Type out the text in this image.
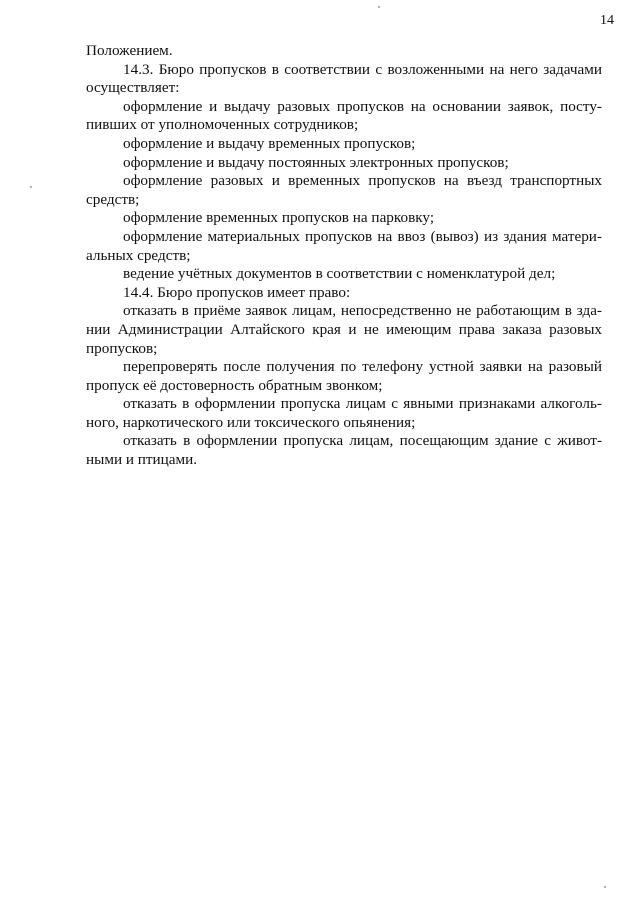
14
Положением.
14.3. Бюро пропусков в соответствии с возложенными на него задачами
осуществляет:
оформление и выдачу разовых пропусков на основании заявок, посту-
пивших от уполномоченных сотрудников;
оформление и выдачу временных пропусков;
оформление и выдачу постоянных электронных пропусков;
оформление разовых и временных пропусков на въезд транспортных
средств;
оформление временных пропусков на парковку;
оформление материальных пропусков на ввоз (вывоз) из здания матери-
альных средств;
ведение учётных документов в соответствии с номенклатурой дел;
14.4. Бюро пропусков имеет право:
отказать в приёме заявок лицам, непосредственно не работающим в зда-
нии Администрации Алтайского края и не имеющим права заказа разовых
пропусков;
перепроверять после получения по телефону устной заявки на разовый
пропуск её достоверность обратным звонком;
отказать в оформлении пропуска лицам с явными признаками алкоголь-
ного, наркотического или токсического опьянения;
отказать в оформлении пропуска лицам, посещающим здание с живот-
ными и птицами.
